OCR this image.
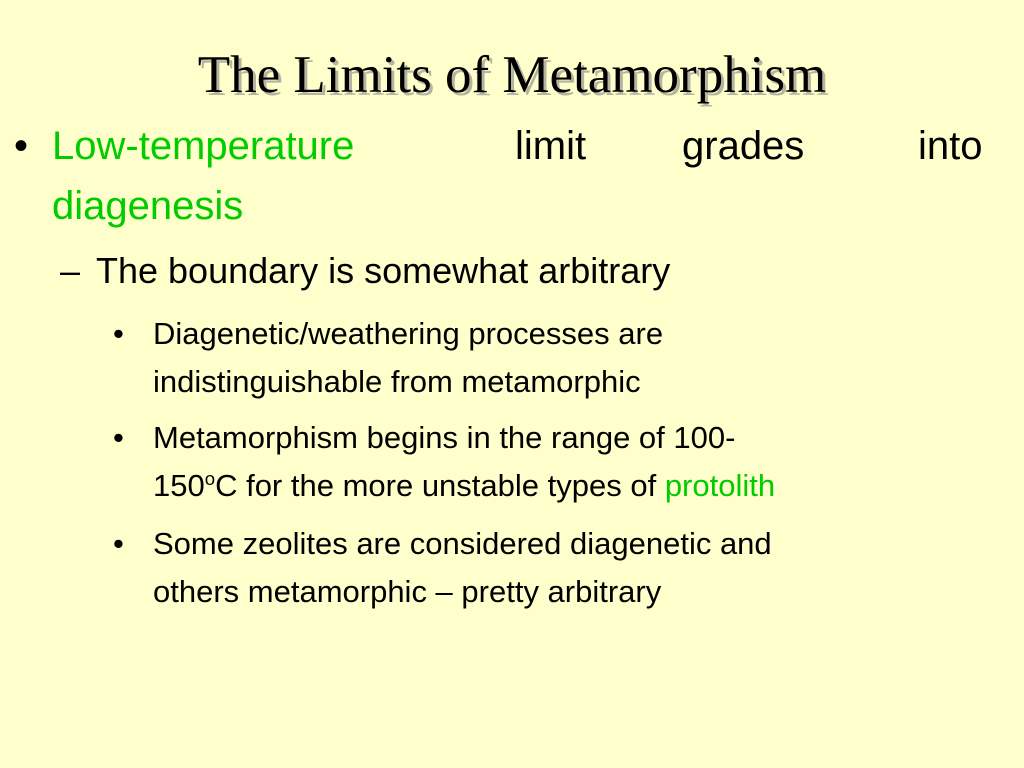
The Limits of Metamorphism
• Low-temperature	limit grades	into
diagenesis
– The boundary is somewhat arbitrary
• Diagenetic/weathering processes are
indistinguishable from metamorphic
• Metamorphism begins in the range of 100-
150$^o$C for the more unstable types of protolith
• Some zeolites are considered diagenetic and
others metamorphic – pretty arbitrary
